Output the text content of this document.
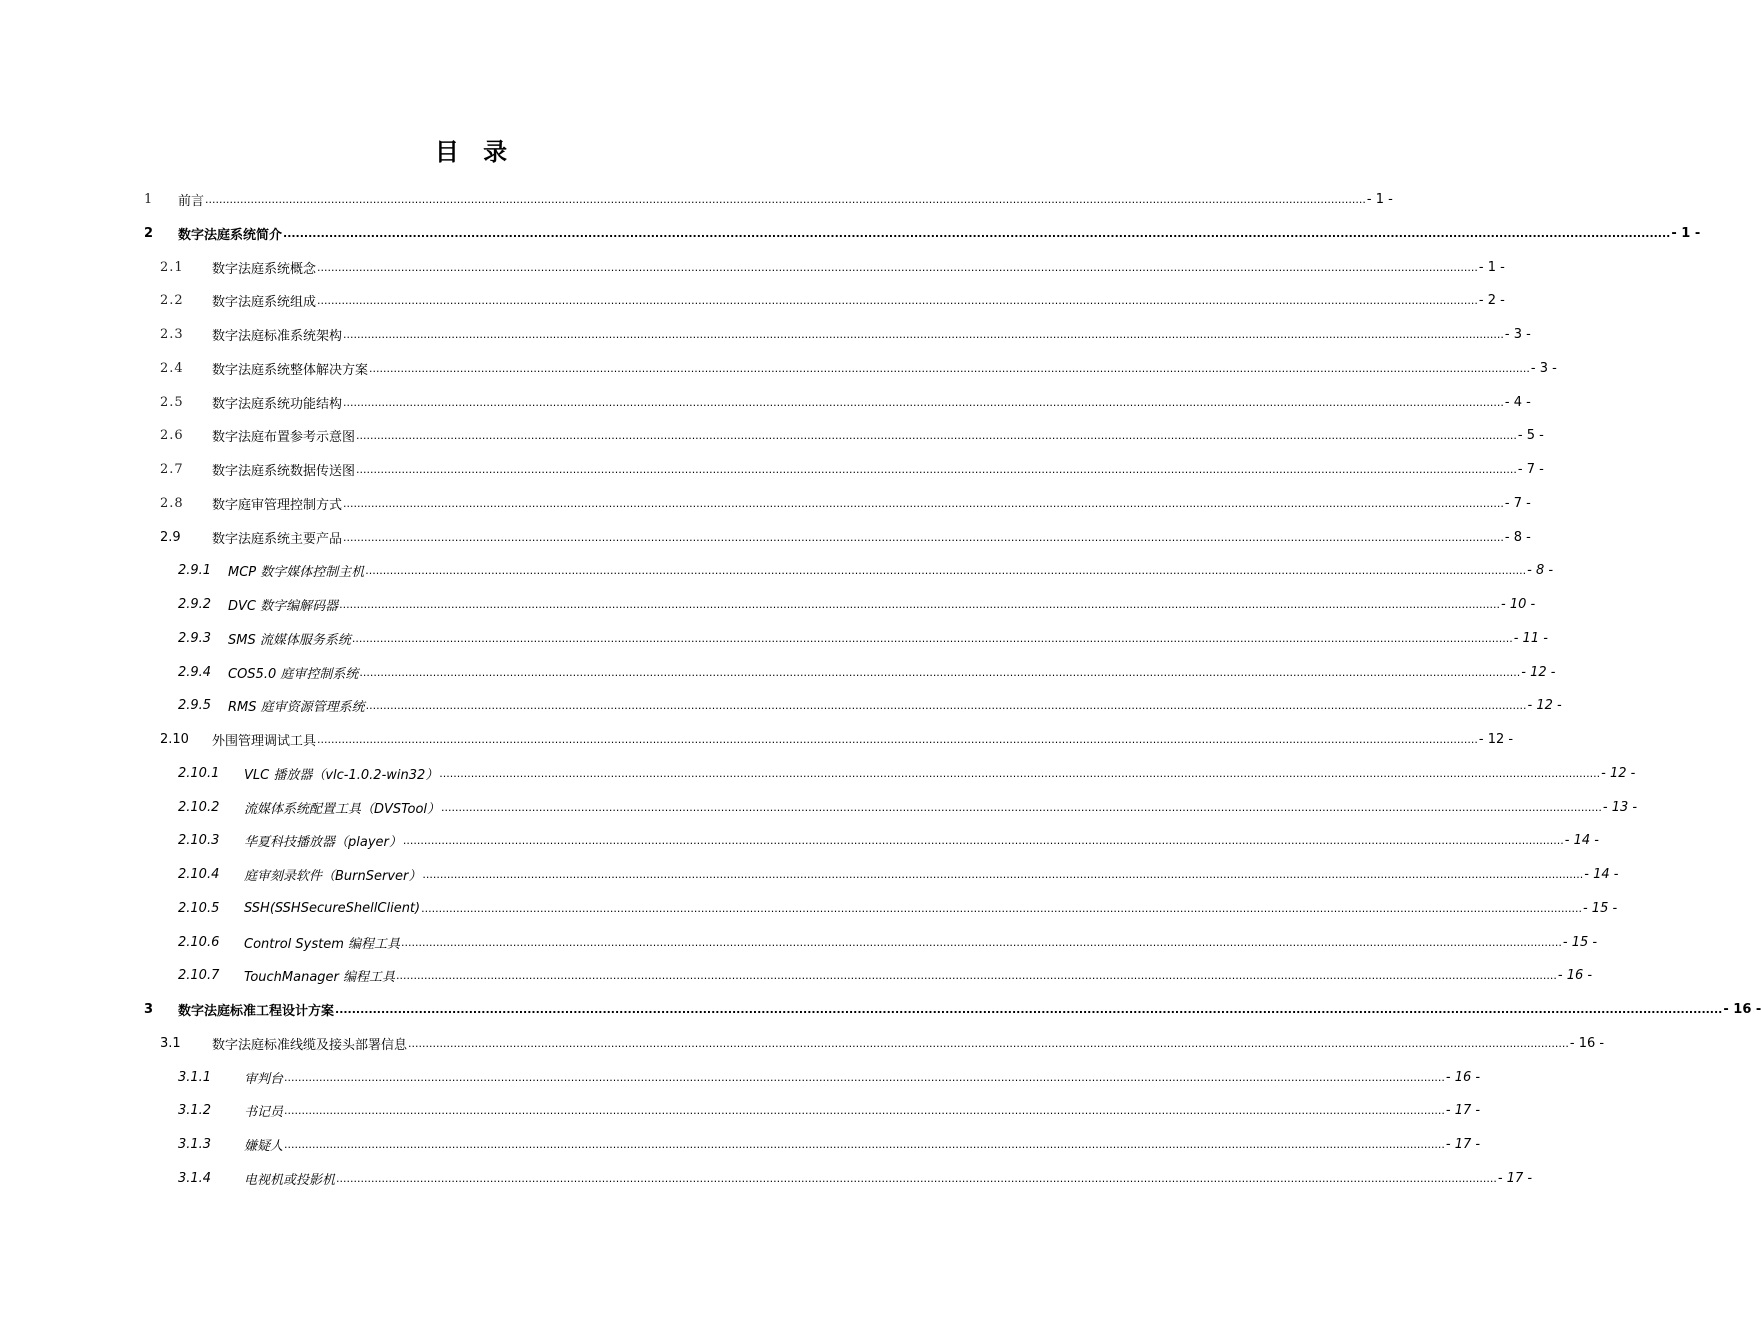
目 录
1	前言 .....	- 1 -
2	数字法庭系统简介 .....	- 1 -
2.1	数字法庭系统概念 .....	- 1 -
2.2	数字法庭系统组成 .....	- 2 -
2.3	数字法庭标准系统架构 .....	- 3 -
2.4	数字法庭系统整体解决方案 .....	- 3 -
2.5	数字法庭系统功能结构 .....	- 4 -
2.6	数字法庭布置参考示意图 .....	- 5 -
2.7	数字法庭系统数据传送图 .....	- 7 -
2.8	数字庭审管理控制方式 .....	- 7 -
2.9	数字法庭系统主要产品 .....	- 8 -
2.9.1	MCP 数字媒体控制主机 .....	- 8 -
2.9.2	DVC 数字编解码器 .....	- 10 -
2.9.3	SMS 流媒体服务系统 .....	- 11 -
2.9.4	COS5.0 庭审控制系统 .....	- 12 -
2.9.5	RMS 庭审资源管理系统 .....	- 12 -
2.10	外围管理调试工具 .....	- 12 -
2.10.1	VLC 播放器（vlc-1.0.2-win32） .....	- 12 -
2.10.2	流媒体系统配置工具（DVSTool） .....	- 13 -
2.10.3	华夏科技播放器（player） .....	- 14 -
2.10.4	庭审刻录软件（BurnServer） .....	- 14 -
2.10.5	SSH(SSHSecureShellClient) .....	- 15 -
2.10.6	Control System 编程工具 .....	- 15 -
2.10.7	TouchManager 编程工具 .....	- 16 -
3	数字法庭标准工程设计方案 .....	- 16 -
3.1	数字法庭标准线缆及接头部署信息 .....	- 16 -
3.1.1	审判台 .....	- 16 -
3.1.2	书记员 .....	- 17 -
3.1.3	嫌疑人 .....	- 17 -
3.1.4	电视机或投影机 .....	- 17 -
